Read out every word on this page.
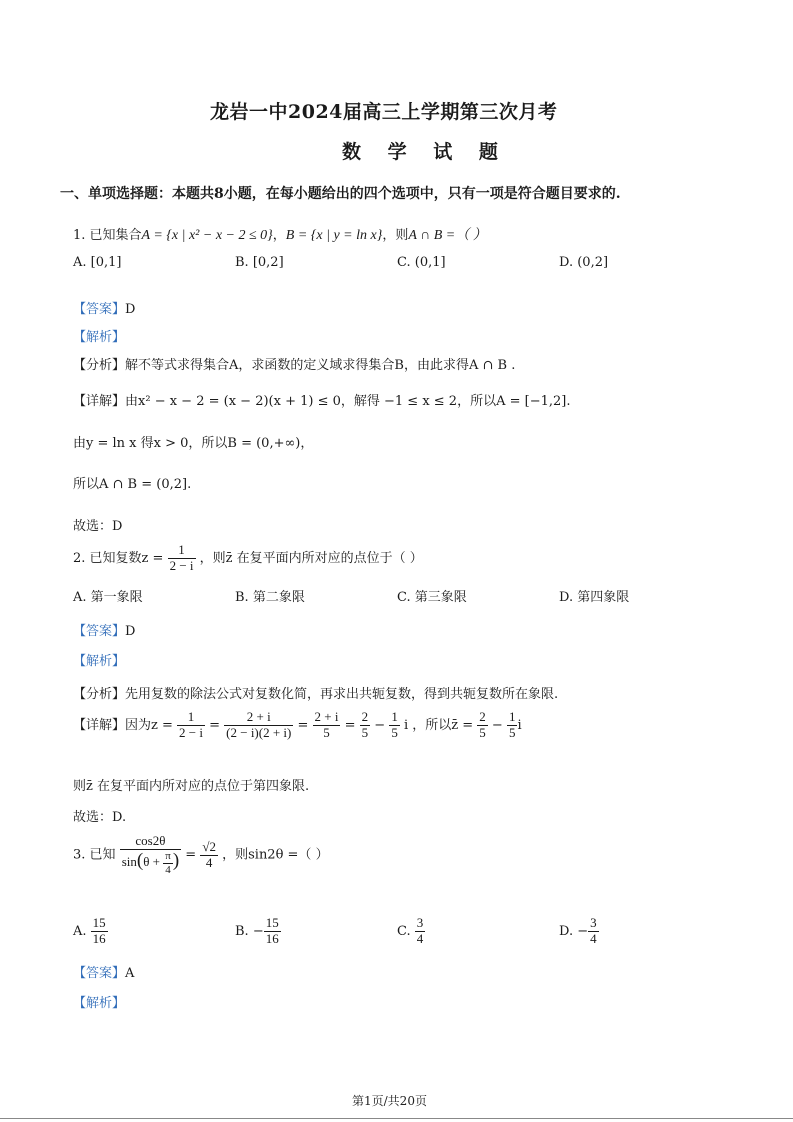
龙岩一中2024届高三上学期第三次月考
数 学 试 题
一、单项选择题：本题共8小题，在每小题给出的四个选项中，只有一项是符合题目要求的.
1. 已知集合A = {x | x² − x − 2 ≤ 0}，B = {x | y = ln x}，则A ∩ B =（ ）
A. [0,1]	B. [0,2]	C. (0,1]	D. (0,2]
【答案】D
【解析】
【分析】解不等式求得集合A，求函数的定义域求得集合B，由此求得A ∩ B .
【详解】由x² − x − 2 = (x − 2)(x + 1) ≤ 0，解得 −1 ≤ x ≤ 2，所以A = [−1,2].
由y = ln x 得x > 0，所以B = (0,+∞)，
所以A ∩ B = (0,2].
故选：D
2. 已知复数$z = \frac{1}{2 - i}$ ，则z̄ 在复平面内所对应的点位于（ ）
A. 第一象限	B. 第二象限	C. 第三象限	D. 第四象限
【答案】D
【解析】
【分析】先用复数的除法公式对复数化简，再求出共轭复数，得到共轭复数所在象限.
【详解】因为$z = \frac{1}{2 - i} = \frac{2 + i}{(2 - i)(2 + i)} = \frac{2 + i}{5} = \frac{2}{5} - \frac{1}{5}$ i ，所以z̄ = $\frac{2}{5} - \frac{1}{5}$ i
则z̄ 在复平面内所对应的点位于第四象限.
故选：D.
3. 已知 $\frac{\cos 2\theta}{\sin(\theta + \frac{\pi}{4} )} = \frac{√2}{4}$ ，则sin2θ =（ ）
A. $\frac{15}{16}$	B. − $\frac{15}{16}$	C. $\frac{3}{4}$	D. − $\frac{3}{4}$
【答案】A
【解析】
第1页/共20页
